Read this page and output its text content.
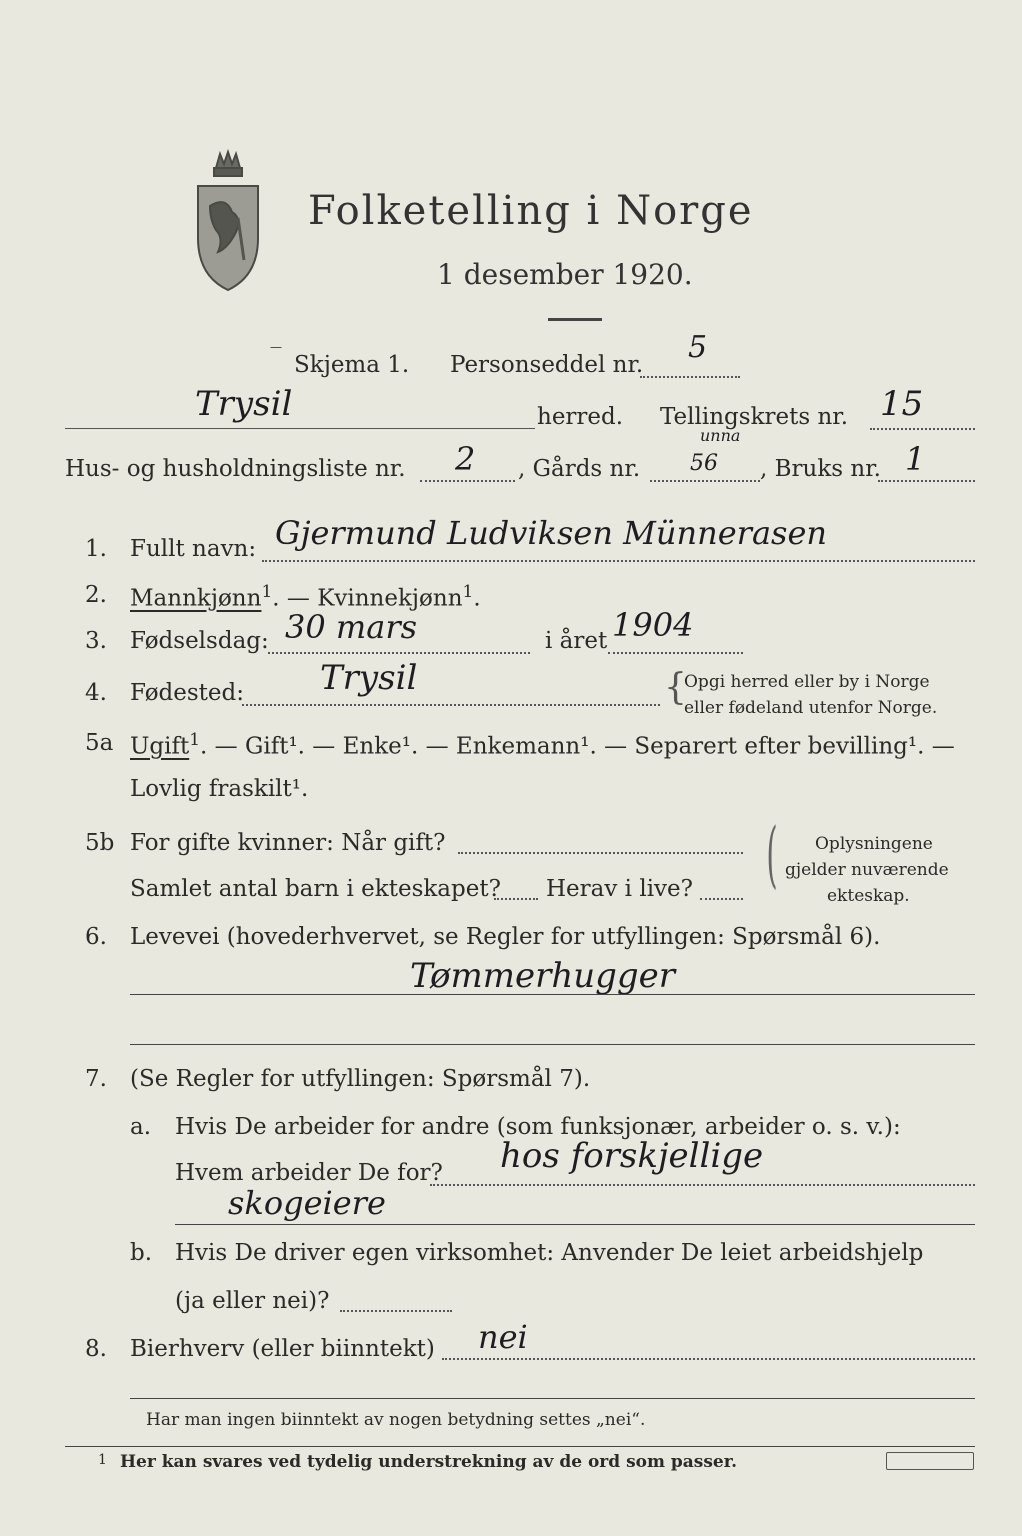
Folketelling i Norge
1 desember 1920.
—
Skjema 1. Personseddel nr. 5
Trysil	herred. Tellingskrets nr. 15
Hus- og husholdningsliste nr. 2 , Gårds nr. 56
unna
, Bruks nr. 1
1.	Fullt navn: Gjermund Ludviksen Münnerasen
2.	Mannkjønn$^1$. — Kvinnekjønn$^1$.
3.	Fødselsdag: 30 mars	i året 1904
4.	Fødested: Trysil	{
Opgi herred eller by i Norge
eller fødeland utenfor Norge.
5a Ugift$^1$. — Gift¹. — Enke¹. — Enkemann¹. — Separert efter bevilling¹. —
Lovlig fraskilt¹.
5b For gifte kvinner: Når gift?
Samlet antal barn i ekteskapet? Herav i live? ( Oplysningene
gjelder nuværende
ekteskap.
6.	Levevei (hovederhvervet, se Regler for utfyllingen: Spørsmål 6).
Tømmerhugger
7.	(Se Regler for utfyllingen: Spørsmål 7).
a. Hvis De arbeider for andre (som funksjonær, arbeider o. s. v.):
Hvem arbeider De for? hos forskjellige
skogeiere
b. Hvis De driver egen virksomhet: Anvender De leiet arbeidshjelp
(ja eller nei)?
8.	Bierhverv (eller biinntekt) nei
Har man ingen biinntekt av nogen betydning settes „nei“.
1 Her kan svares ved tydelig understrekning av de ord som passer.
